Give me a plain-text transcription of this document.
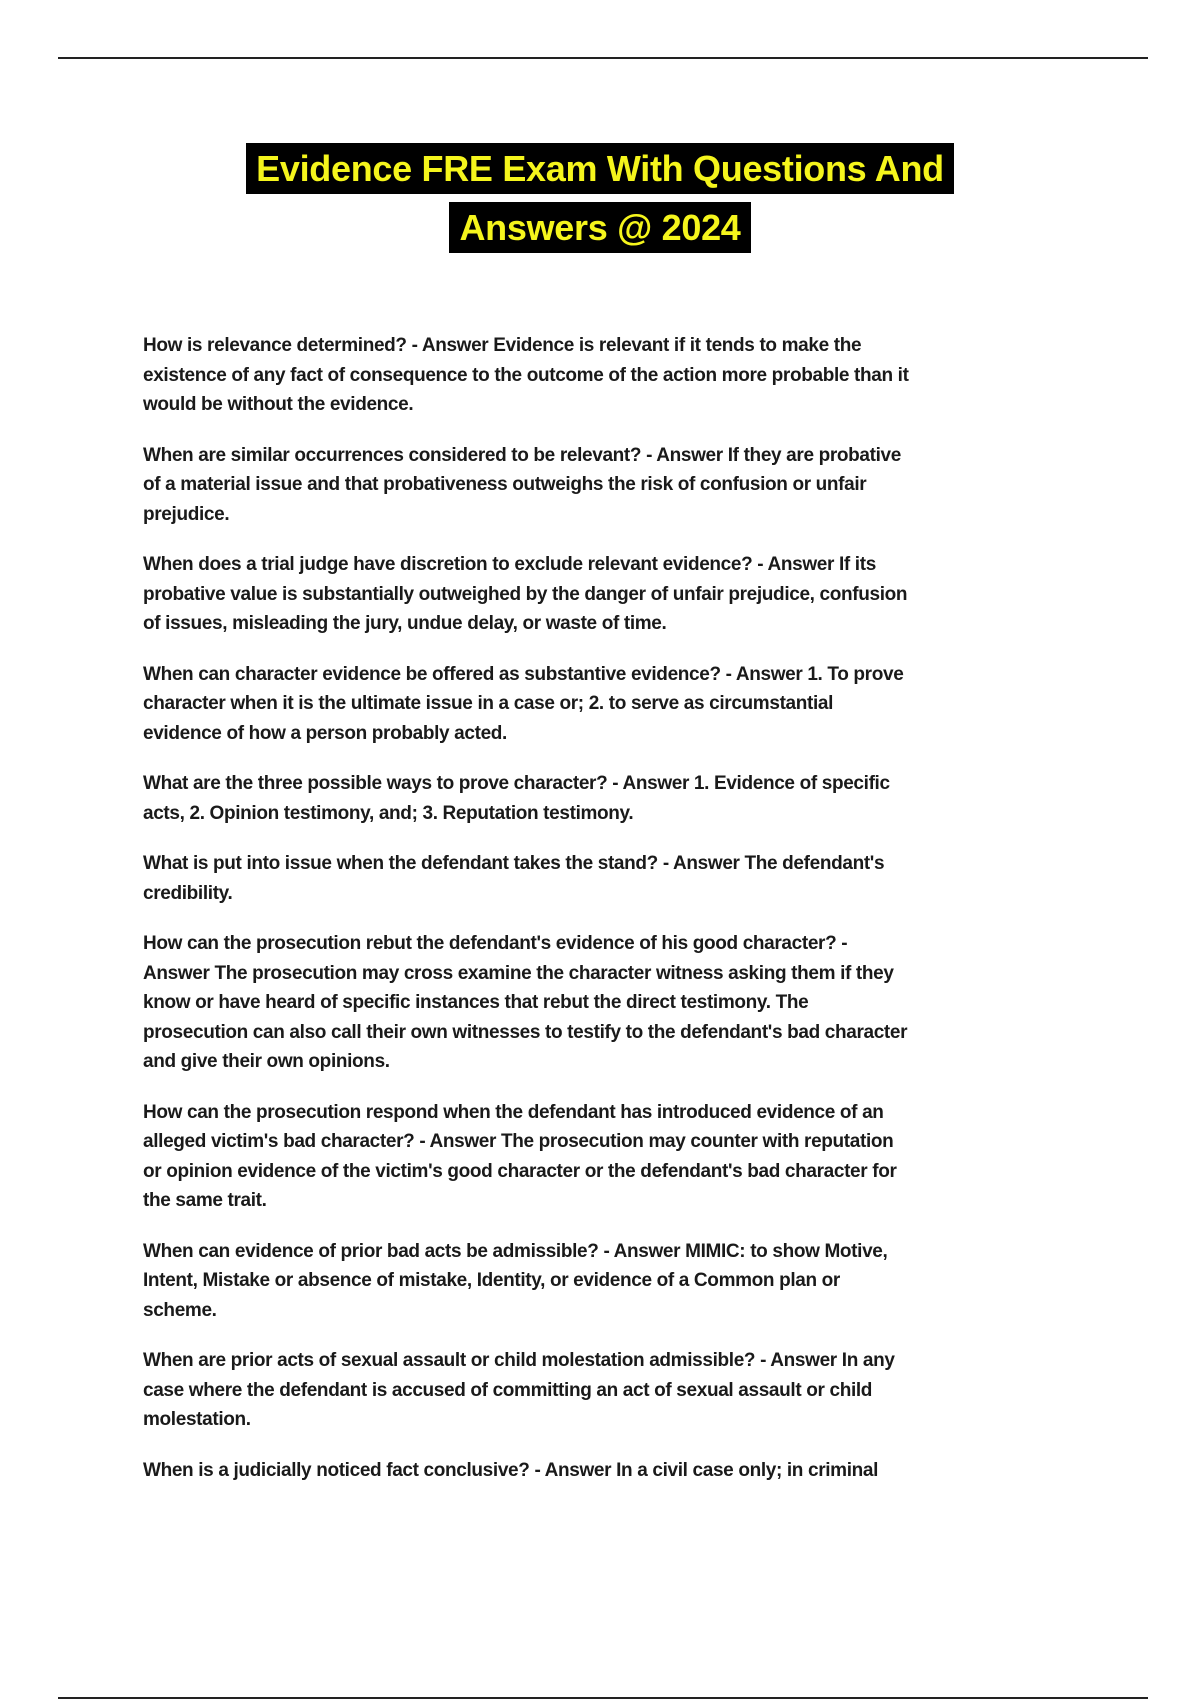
Evidence FRE Exam With Questions And
Answers @ 2024

How is relevance determined? - Answer Evidence is relevant if it tends to make the
existence of any fact of consequence to the outcome of the action more probable than it
would be without the evidence.

When are similar occurrences considered to be relevant? - Answer If they are probative
of a material issue and that probativeness outweighs the risk of confusion or unfair
prejudice.

When does a trial judge have discretion to exclude relevant evidence? - Answer If its
probative value is substantially outweighed by the danger of unfair prejudice, confusion
of issues, misleading the jury, undue delay, or waste of time.

When can character evidence be offered as substantive evidence? - Answer 1. To prove
character when it is the ultimate issue in a case or; 2. to serve as circumstantial
evidence of how a person probably acted.

What are the three possible ways to prove character? - Answer 1. Evidence of specific
acts, 2. Opinion testimony, and; 3. Reputation testimony.

What is put into issue when the defendant takes the stand? - Answer The defendant's
credibility.

How can the prosecution rebut the defendant's evidence of his good character? -
Answer The prosecution may cross examine the character witness asking them if they
know or have heard of specific instances that rebut the direct testimony. The
prosecution can also call their own witnesses to testify to the defendant's bad character
and give their own opinions.

How can the prosecution respond when the defendant has introduced evidence of an
alleged victim's bad character? - Answer The prosecution may counter with reputation
or opinion evidence of the victim's good character or the defendant's bad character for
the same trait.

When can evidence of prior bad acts be admissible? - Answer MIMIC: to show Motive,
Intent, Mistake or absence of mistake, Identity, or evidence of a Common plan or
scheme.

When are prior acts of sexual assault or child molestation admissible? - Answer In any
case where the defendant is accused of committing an act of sexual assault or child
molestation.

When is a judicially noticed fact conclusive? - Answer In a civil case only; in criminal
